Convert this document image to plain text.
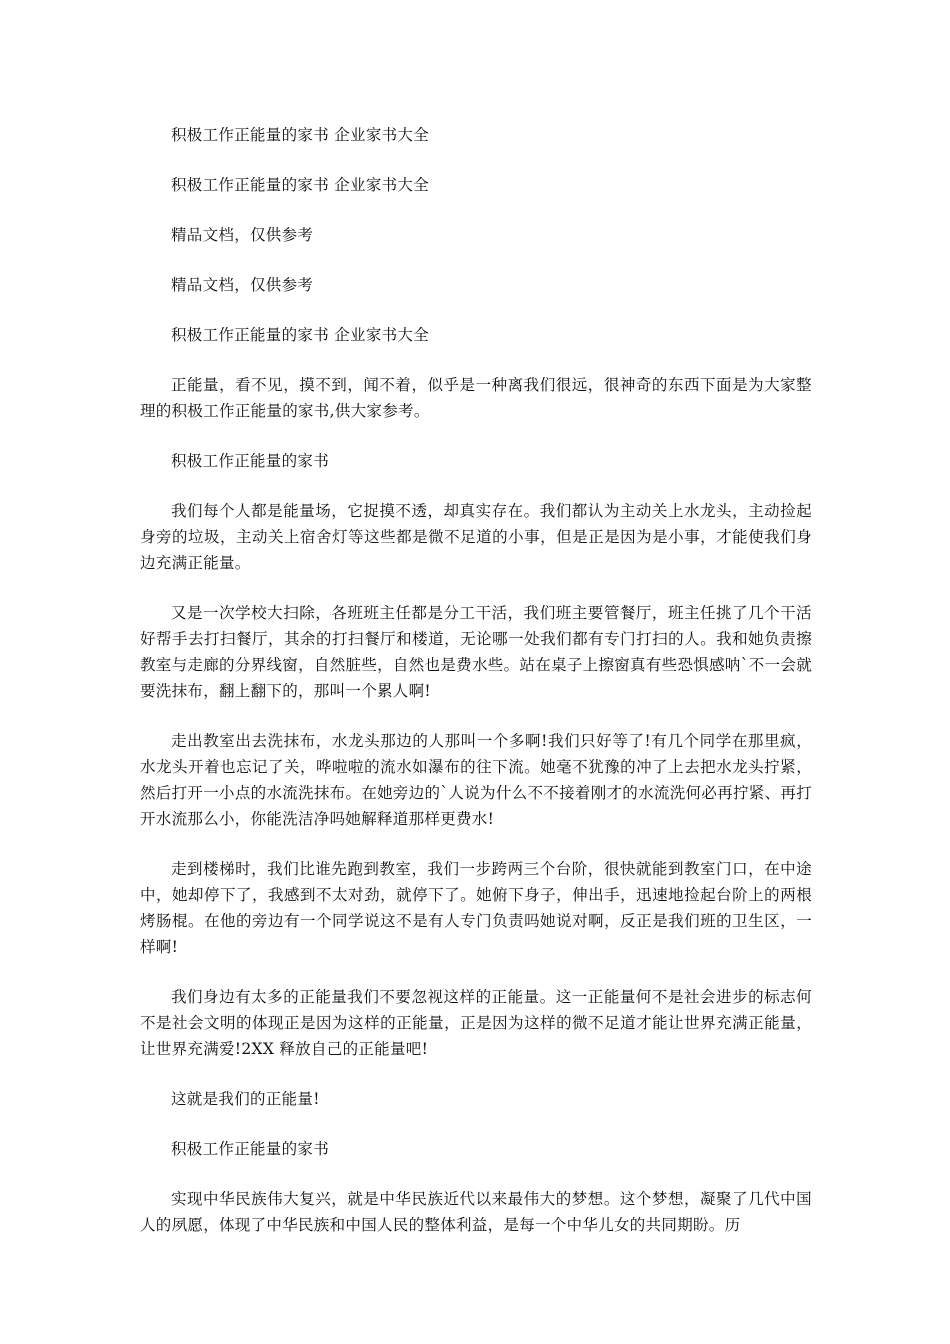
积极工作正能量的家书 企业家书大全

积极工作正能量的家书 企业家书大全

精品文档，仅供参考

精品文档，仅供参考

积极工作正能量的家书 企业家书大全

正能量，看不见，摸不到，闻不着，似乎是一种离我们很远，很神奇的东西下面是为大家整理的积极工作正能量的家书,供大家参考。

积极工作正能量的家书

我们每个人都是能量场，它捉摸不透，却真实存在。我们都认为主动关上水龙头，主动捡起身旁的垃圾，主动关上宿舍灯等这些都是微不足道的小事，但是正是因为是小事，才能使我们身边充满正能量。

又是一次学校大扫除，各班班主任都是分工干活，我们班主要管餐厅，班主任挑了几个干活好帮手去打扫餐厅，其余的打扫餐厅和楼道，无论哪一处我们都有专门打扫的人。我和她负责擦教室与走廊的分界线窗，自然脏些，自然也是费水些。站在桌子上擦窗真有些恐惧感呐`不一会就要洗抹布，翻上翻下的，那叫一个累人啊!

走出教室出去洗抹布，水龙头那边的人那叫一个多啊!我们只好等了!有几个同学在那里疯，水龙头开着也忘记了关，哗啦啦的流水如瀑布的往下流。她毫不犹豫的冲了上去把水龙头拧紧，然后打开一小点的水流洗抹布。在她旁边的`人说为什么不不接着刚才的水流洗何必再拧紧、再打开水流那么小，你能洗洁净吗她解释道那样更费水!

走到楼梯时，我们比谁先跑到教室，我们一步跨两三个台阶，很快就能到教室门口，在中途中，她却停下了，我感到不太对劲，就停下了。她俯下身子，伸出手，迅速地捡起台阶上的两根烤肠棍。在他的旁边有一个同学说这不是有人专门负责吗她说对啊，反正是我们班的卫生区，一样啊!

我们身边有太多的正能量我们不要忽视这样的正能量。这一正能量何不是社会进步的标志何不是社会文明的体现正是因为这样的正能量，正是因为这样的微不足道才能让世界充满正能量，让世界充满爱!2XX 释放自己的正能量吧!

这就是我们的正能量!

积极工作正能量的家书

实现中华民族伟大复兴，就是中华民族近代以来最伟大的梦想。这个梦想，凝聚了几代中国人的夙愿，体现了中华民族和中国人民的整体利益，是每一个中华儿女的共同期盼。历
